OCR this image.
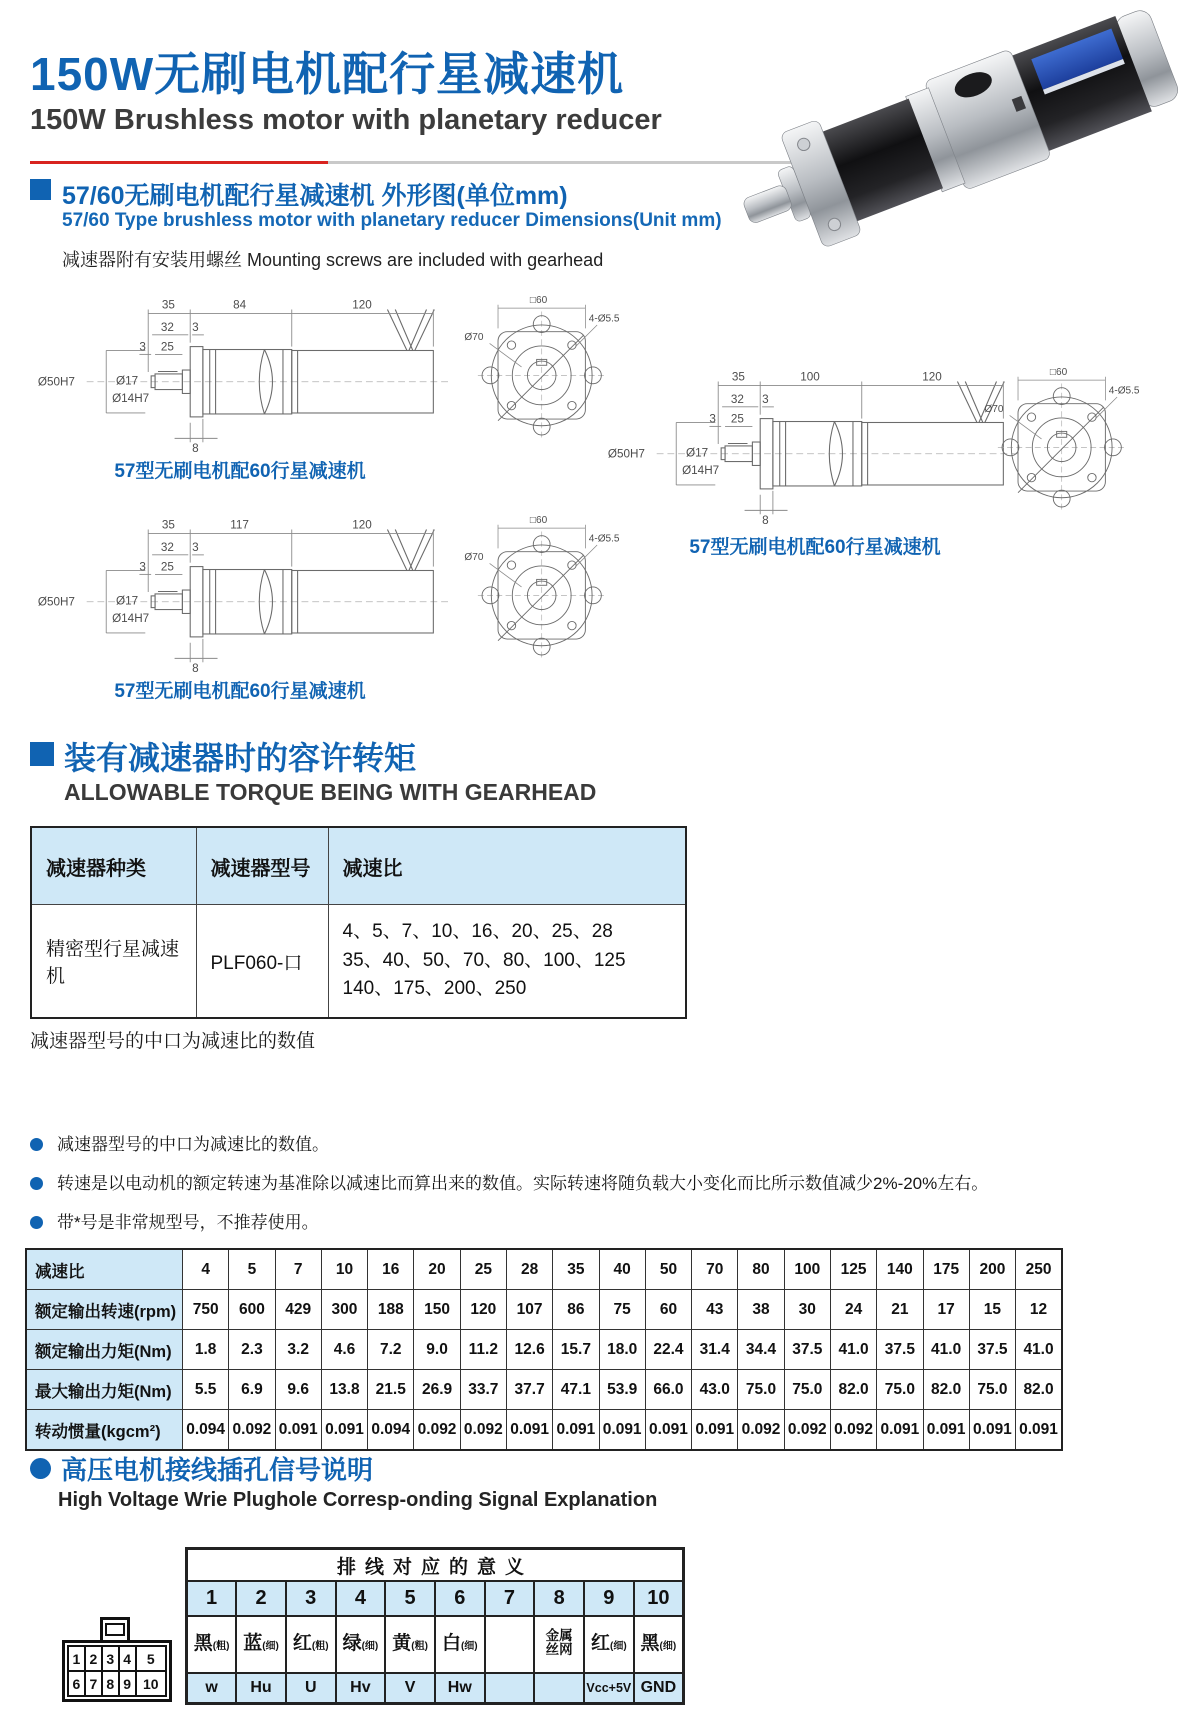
150W无刷电机配行星减速机
150W Brushless motor with planetary reducer
57/60无刷电机配行星减速机 外形图(单位mm)
57/60 Type brushless motor with planetary reducer Dimensions(Unit mm)
减速器附有安装用螺丝 Mounting screws are included with gearhead
35	84	120
32 3
25
3
Ø50H7	Ø17
Ø14H7
8
□60
Ø70
4-Ø5.5
57型无刷电机配60行星减速机
35	100	120
32 3
25
3
Ø50H7	Ø17
Ø14H7
8
□60
Ø70
4-Ø5.5
57型无刷电机配60行星减速机
35	117	120
32 3
25
3
Ø50H7	Ø17
Ø14H7
8
□60
Ø70
4-Ø5.5
57型无刷电机配60行星减速机
装有减速器时的容许转矩
ALLOWABLE TORQUE BEING WITH GEARHEAD
减速器种类	减速器型号	减速比
精密型行星减速机	PLF060-口	4、5、7、10、16、20、25、28
35、40、50、70、80、100、125
140、175、200、250
减速器型号的中口为减速比的数值
减速器型号的中口为减速比的数值。
转速是以电动机的额定转速为基准除以减速比而算出来的数值。实际转速将随负载大小变化而比所示数值减少2%-20%左右。
带*号是非常规型号，不推荐使用。
减速比	4	5	7	10	16	20	25	28	35	40	50	70	80	100	125	140	175	200	250
额定输出转速(rpm)	750	600	429	300	188	150	120	107	86	75	60	43	38	30	24	21	17	15	12
额定输出力矩(Nm)	1.8	2.3	3.2	4.6	7.2	9.0	11.2	12.6	15.7	18.0	22.4	31.4	34.4	37.5	41.0	37.5	41.0	37.5	41.0
最大输出力矩(Nm)	5.5	6.9	9.6	13.8	21.5	26.9	33.7	37.7	47.1	53.9	66.0	43.0	75.0	75.0	82.0	75.0	82.0	75.0	82.0
转动惯量(kgcm²)	0.094	0.092	0.091	0.091	0.094	0.092	0.092	0.091	0.091	0.091	0.091	0.091	0.092	0.092	0.092	0.091	0.091	0.091	0.091
高压电机接线插孔信号说明
High Voltage Wrie Plughole Corresp-onding Signal Explanation
1	2	3	4	5
6	7	8	9	10
排线对应的意义									
1	2	3	4	5	6	7	8	9	10
黑(粗)	蓝(细)	红(粗)	绿(细)	黄(粗)	白(细)		金属丝网	红(细)	黑(细)
w	Hu	U	Hv	V	Hw			Vcc+5V	GND
